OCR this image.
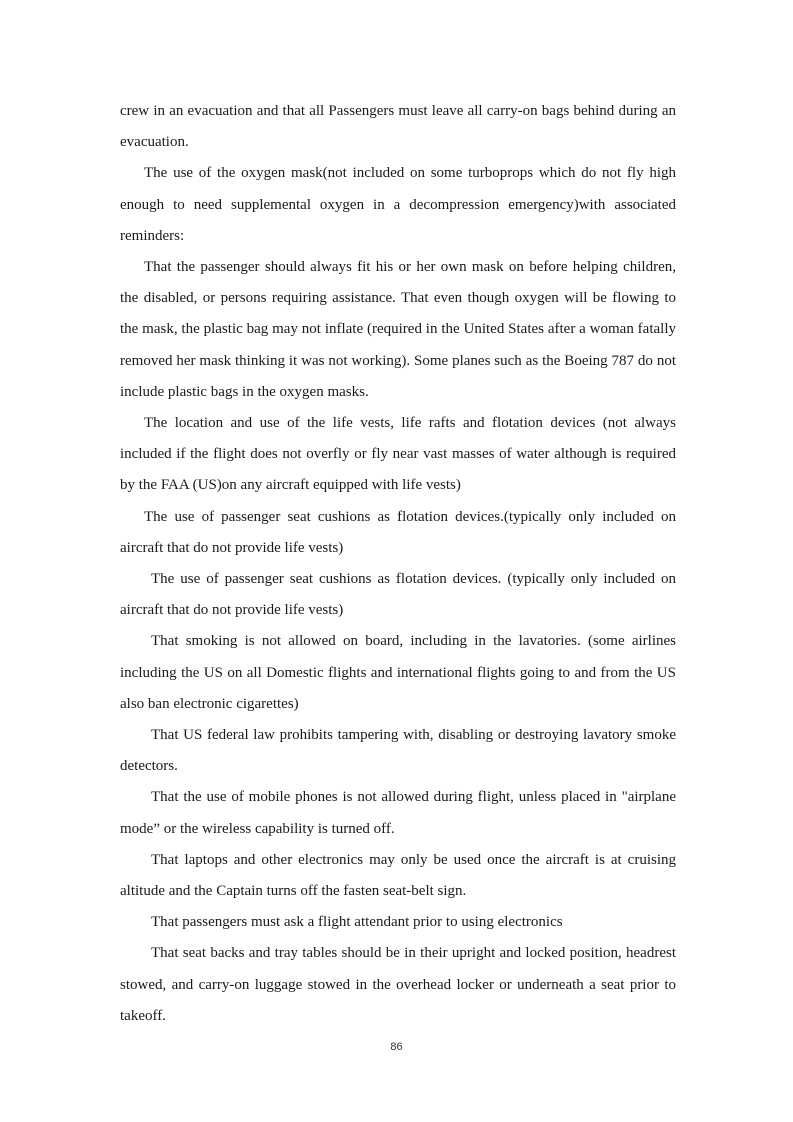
crew in an evacuation and that all Passengers must leave all carry-on bags behind during an evacuation.

The use of the oxygen mask(not included on some turboprops which do not fly high enough to need supplemental oxygen in a decompression emergency)with associated reminders:

That the passenger should always fit his or her own mask on before helping children, the disabled, or persons requiring assistance. That even though oxygen will be flowing to the mask, the plastic bag may not inflate (required in the United States after a woman fatally removed her mask thinking it was not working). Some planes such as the Boeing 787 do not include plastic bags in the oxygen masks.

The location and use of the life vests, life rafts and flotation devices (not always included if the flight does not overfly or fly near vast masses of water although is required by the FAA (US)on any aircraft equipped with life vests)

The use of passenger seat cushions as flotation devices.(typically only included on aircraft that do not provide life vests)

The use of passenger seat cushions as flotation devices. (typically only included on aircraft that do not provide life vests)

That smoking is not allowed on board, including in the lavatories. (some airlines including the US on all Domestic flights and international flights going to and from the US also ban electronic cigarettes)

That US federal law prohibits tampering with, disabling or destroying lavatory smoke detectors.

That the use of mobile phones is not allowed during flight, unless placed in "airplane mode” or the wireless capability is turned off.

That laptops and other electronics may only be used once the aircraft is at cruising altitude and the Captain turns off the fasten seat-belt sign.

That passengers must ask a flight attendant prior to using electronics

That seat backs and tray tables should be in their upright and locked position, headrest stowed, and carry-on luggage stowed in the overhead locker or underneath a seat prior to takeoff.

86
